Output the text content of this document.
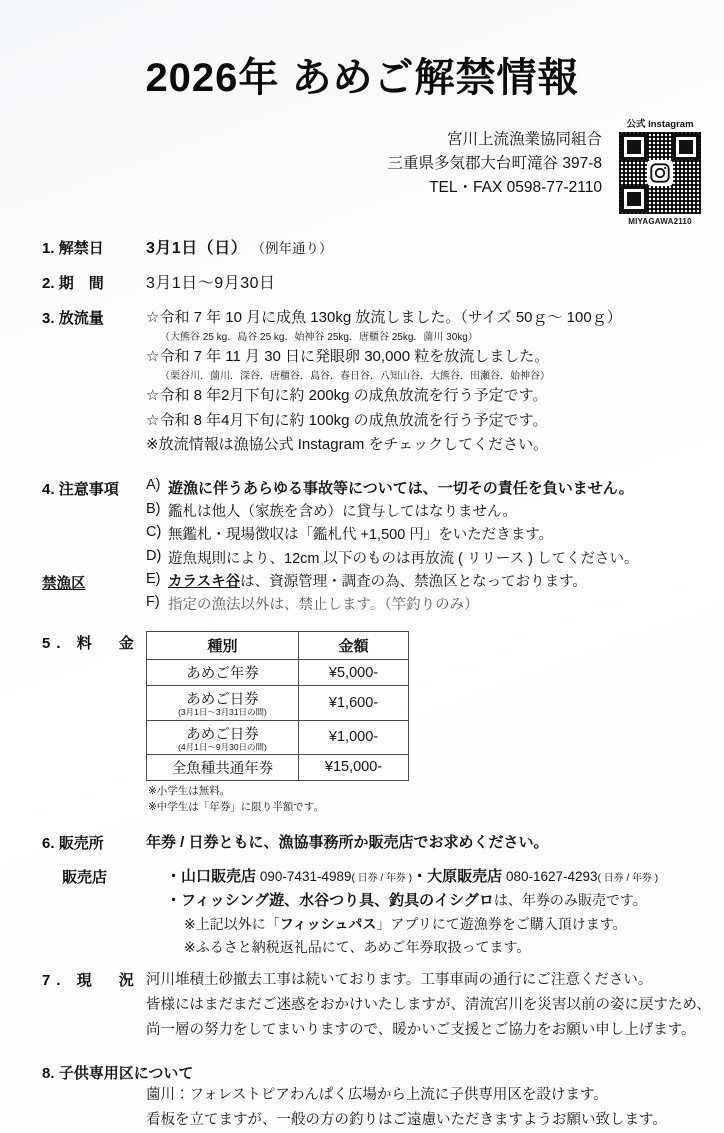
2026年 あめご解禁情報
宮川上流漁業協同組合
三重県多気郡大台町滝谷 397-8
TEL・FAX 0598-77-2110
公式 Instagram
MIYAGAWA2110
1. 解禁日	3月1日（日） （例年通り）
2. 期　間	3月1日〜9月30日
3. 放流量	☆令和 7 年 10 月に成魚 130kg 放流しました。（サイズ 50ｇ〜 100ｇ）
（大熊谷 25 kg．島谷 25 kg．始神谷 25kg．唐櫃谷 25kg．薗川 30kg）
☆令和 7 年 11 月 30 日に発眼卵 30,000 粒を放流しました。
（栗谷川．薗川．深谷．唐櫃谷．島谷．春日谷．八知山谷．大熊谷．田瀬谷．始神谷）
☆令和 8 年2月下旬に約 200kg の成魚放流を行う予定です。
☆令和 8 年4月下旬に約 100kg の成魚放流を行う予定です。
※放流情報は漁協公式 Instagram をチェックしてください。
4. 注意事項	A) 遊漁に伴うあらゆる事故等については、一切その責任を負いません。

B) 鑑札は他人（家族を含め）に貸与してはなりません。

C) 無鑑札・現場徴収は「鑑札代 +1,500 円」をいただきます。

D) 遊魚規則により、12cm 以下のものは再放流 ( リリース ) してください。
禁漁区	E) カラスキ谷は、資源管理・調査の為、禁漁区となっております。

F) 指定の漁法以外は、禁止します。（竿釣りのみ）
5. 料　金	種別	金額
あめご年券	¥5,000-
あめご日券
(3月1日〜3月31日の間)	¥1,600-
あめご日券
(4月1日〜9月30日の間)	¥1,000-
全魚種共通年券	¥15,000-
※小学生は無料。
※中学生は「年券」に限り半額です。
6. 販売所	年券 / 日券ともに、漁協事務所か販売店でお求めください。
販売店	・山口販売店 090-7431-4989( 日券 / 年券 )・大原販売店 080-1627-4293( 日券 / 年券 )
・フィッシング遊、水谷つり具、釣具のイシグロは、年券のみ販売です。
※上記以外に「フィッシュパス」アプリにて遊漁券をご購入頂けます。
※ふるさと納税返礼品にて、あめご年券取扱ってます。
7. 現　況 河川堆積土砂撤去工事は続いております。工事車両の通行にご注意ください。
皆様にはまだまだご迷惑をおかけいたしますが、清流宮川を災害以前の姿に戻すため、
尚一層の努力をしてまいりますので、暖かいご支援とご協力をお願い申し上げます。
8. 子供専用区について
薗川：フォレストピアわんぱく広場から上流に子供専用区を設けます。
看板を立てますが、一般の方の釣りはご遠慮いただきますようお願い致します。
